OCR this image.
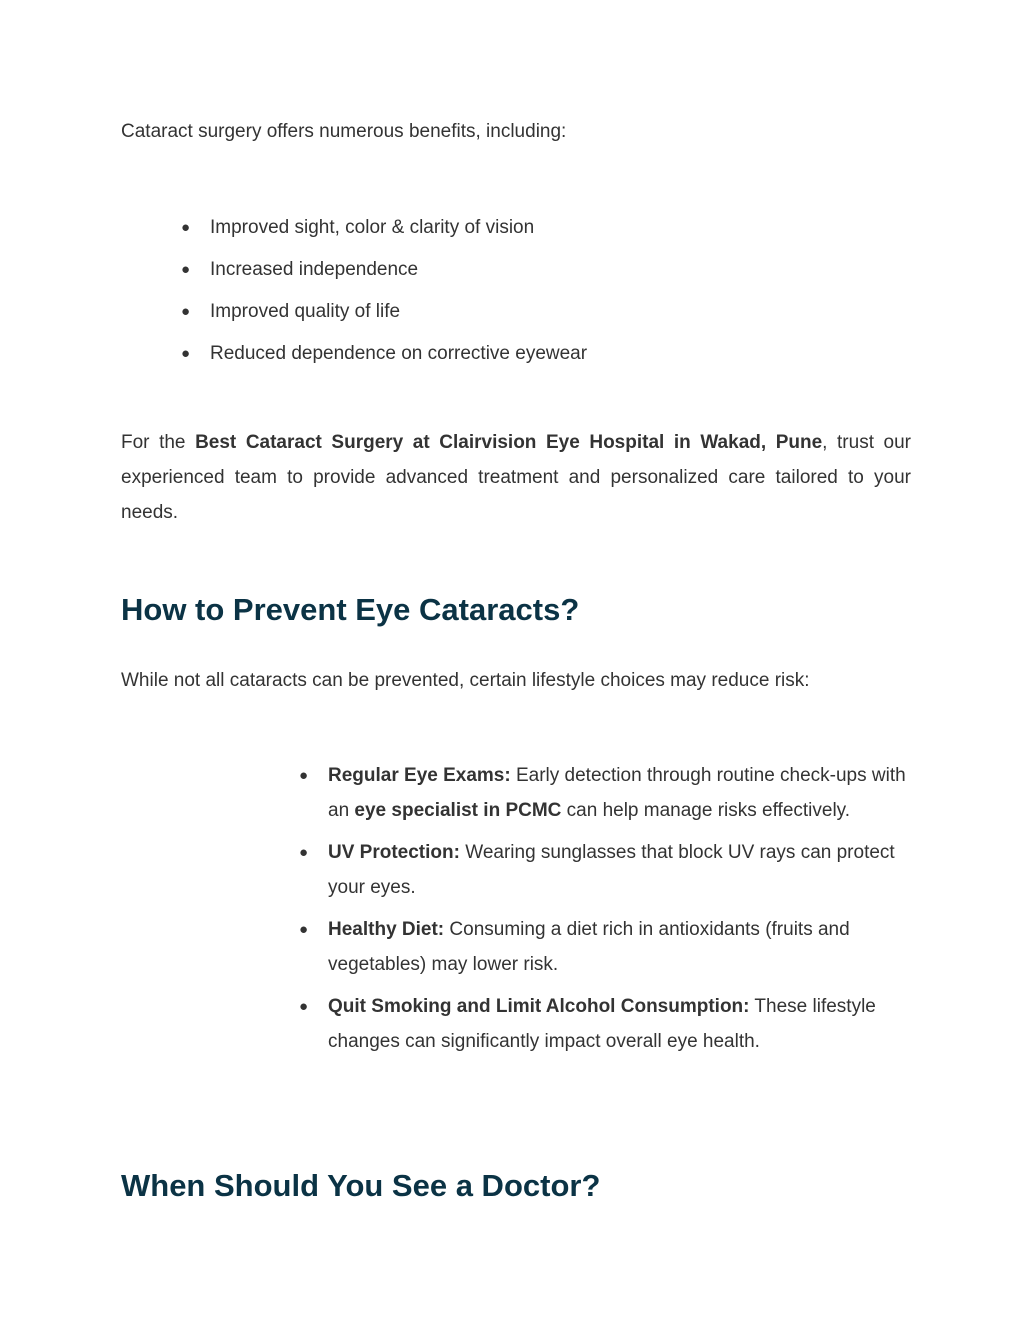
Cataract surgery offers numerous benefits, including:

● Improved sight, color & clarity of vision
● Increased independence
● Improved quality of life
● Reduced dependence on corrective eyewear

For the Best Cataract Surgery at Clairvision Eye Hospital in Wakad, Pune, trust our experienced team to provide advanced treatment and personalized care tailored to your needs.

How to Prevent Eye Cataracts?

While not all cataracts can be prevented, certain lifestyle choices may reduce risk:

● Regular Eye Exams: Early detection through routine check-ups with an eye specialist in PCMC can help manage risks effectively.
● UV Protection: Wearing sunglasses that block UV rays can protect your eyes.
● Healthy Diet: Consuming a diet rich in antioxidants (fruits and vegetables) may lower risk.
● Quit Smoking and Limit Alcohol Consumption: These lifestyle changes can significantly impact overall eye health.
When Should You See a Doctor?
